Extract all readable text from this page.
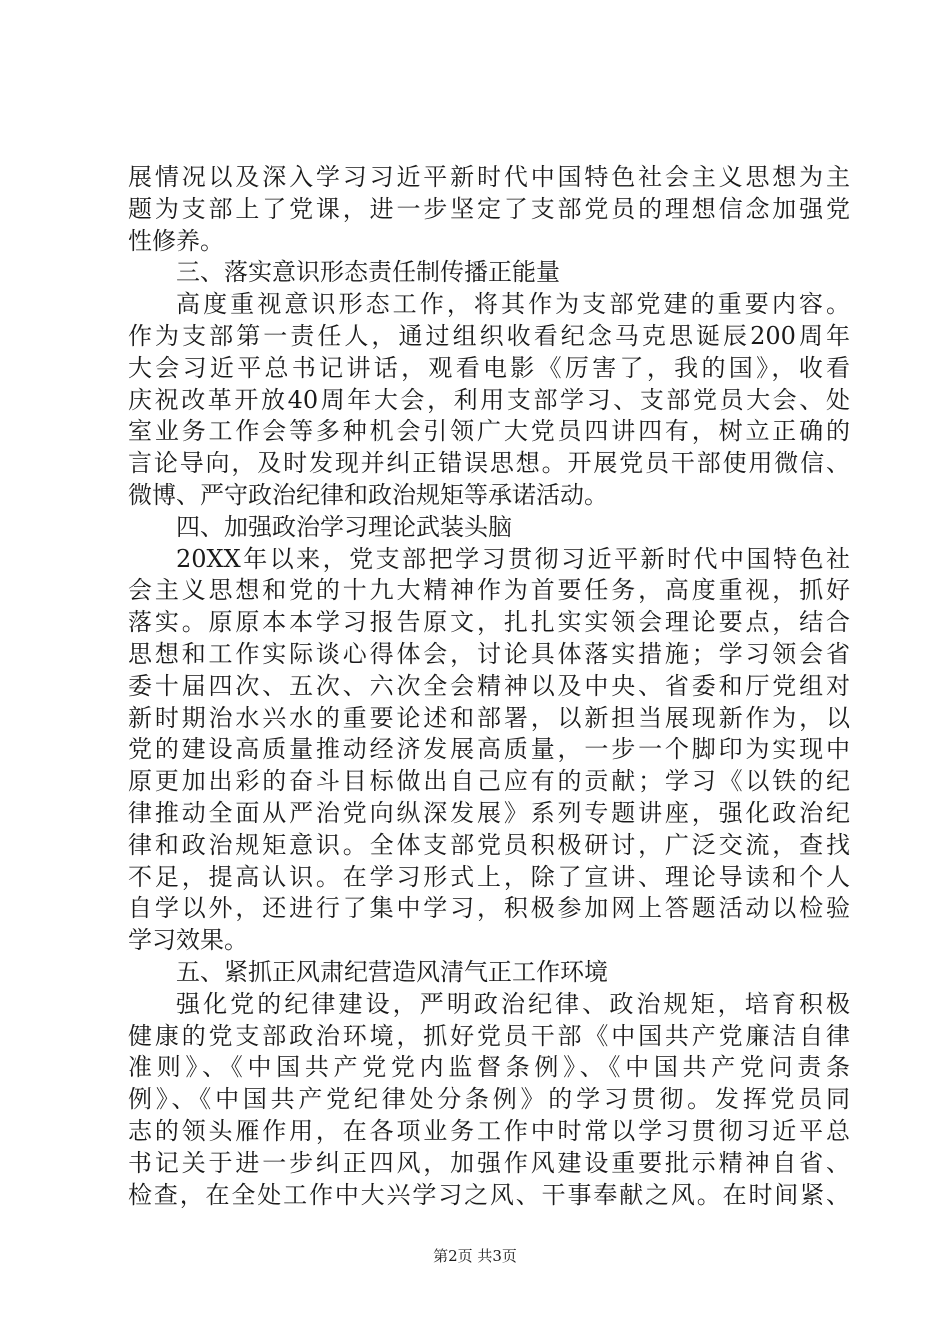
展情况以及深入学习习近平新时代中国特色社会主义思想为主
题为支部上了党课，进一步坚定了支部党员的理想信念加强党
性修养。
三、落实意识形态责任制传播正能量
高度重视意识形态工作，将其作为支部党建的重要内容。
作为支部第一责任人，通过组织收看纪念马克思诞辰200周年
大会习近平总书记讲话，观看电影《厉害了，我的国》，收看
庆祝改革开放40周年大会，利用支部学习、支部党员大会、处
室业务工作会等多种机会引领广大党员四讲四有，树立正确的
言论导向，及时发现并纠正错误思想。开展党员干部使用微信、
微博、严守政治纪律和政治规矩等承诺活动。
四、加强政治学习理论武装头脑
20XX年以来，党支部把学习贯彻习近平新时代中国特色社
会主义思想和党的十九大精神作为首要任务，高度重视，抓好
落实。原原本本学习报告原文，扎扎实实领会理论要点，结合
思想和工作实际谈心得体会，讨论具体落实措施；学习领会省
委十届四次、五次、六次全会精神以及中央、省委和厅党组对
新时期治水兴水的重要论述和部署，以新担当展现新作为，以
党的建设高质量推动经济发展高质量，一步一个脚印为实现中
原更加出彩的奋斗目标做出自己应有的贡献；学习《以铁的纪
律推动全面从严治党向纵深发展》系列专题讲座，强化政治纪
律和政治规矩意识。全体支部党员积极研讨，广泛交流，查找
不足，提高认识。在学习形式上，除了宣讲、理论导读和个人
自学以外，还进行了集中学习，积极参加网上答题活动以检验
学习效果。
五、紧抓正风肃纪营造风清气正工作环境
强化党的纪律建设，严明政治纪律、政治规矩，培育积极
健康的党支部政治环境，抓好党员干部《中国共产党廉洁自律
准则》、《中国共产党党内监督条例》、《中国共产党问责条
例》、《中国共产党纪律处分条例》的学习贯彻。发挥党员同
志的领头雁作用，在各项业务工作中时常以学习贯彻习近平总
书记关于进一步纠正四风，加强作风建设重要批示精神自省、
检查，在全处工作中大兴学习之风、干事奉献之风。在时间紧、
第2页 共3页
